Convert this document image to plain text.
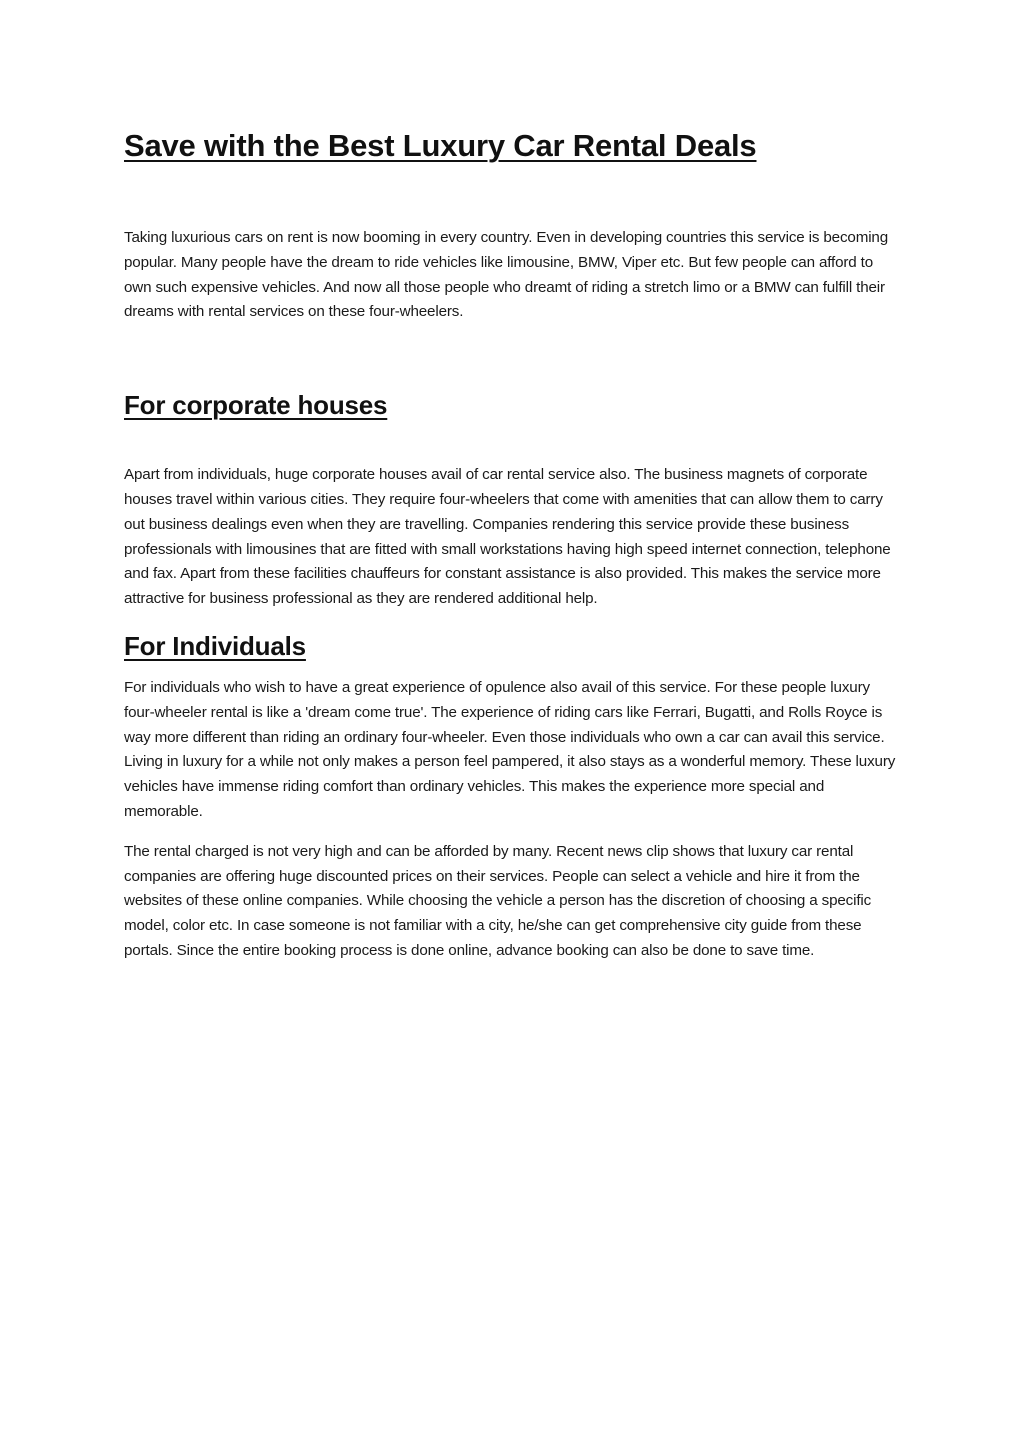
Save with the Best Luxury Car Rental Deals

Taking luxurious cars on rent is now booming in every country. Even in developing countries this service is becoming popular. Many people have the dream to ride vehicles like limousine, BMW, Viper etc. But few people can afford to own such expensive vehicles. And now all those people who dreamt of riding a stretch limo or a BMW can fulfill their dreams with rental services on these four-wheelers.

For corporate houses

Apart from individuals, huge corporate houses avail of car rental service also. The business magnets of corporate houses travel within various cities. They require four-wheelers that come with amenities that can allow them to carry out business dealings even when they are travelling. Companies rendering this service provide these business professionals with limousines that are fitted with small workstations having high speed internet connection, telephone and fax. Apart from these facilities chauffeurs for constant assistance is also provided. This makes the service more attractive for business professional as they are rendered additional help.

For Individuals

For individuals who wish to have a great experience of opulence also avail of this service. For these people luxury four-wheeler rental is like a 'dream come true'. The experience of riding cars like Ferrari, Bugatti, and Rolls Royce is way more different than riding an ordinary four-wheeler. Even those individuals who own a car can avail this service. Living in luxury for a while not only makes a person feel pampered, it also stays as a wonderful memory. These luxury vehicles have immense riding comfort than ordinary vehicles. This makes the experience more special and memorable.

The rental charged is not very high and can be afforded by many. Recent news clip shows that luxury car rental companies are offering huge discounted prices on their services. People can select a vehicle and hire it from the websites of these online companies. While choosing the vehicle a person has the discretion of choosing a specific model, color etc. In case someone is not familiar with a city, he/she can get comprehensive city guide from these portals. Since the entire booking process is done online, advance booking can also be done to save time.
